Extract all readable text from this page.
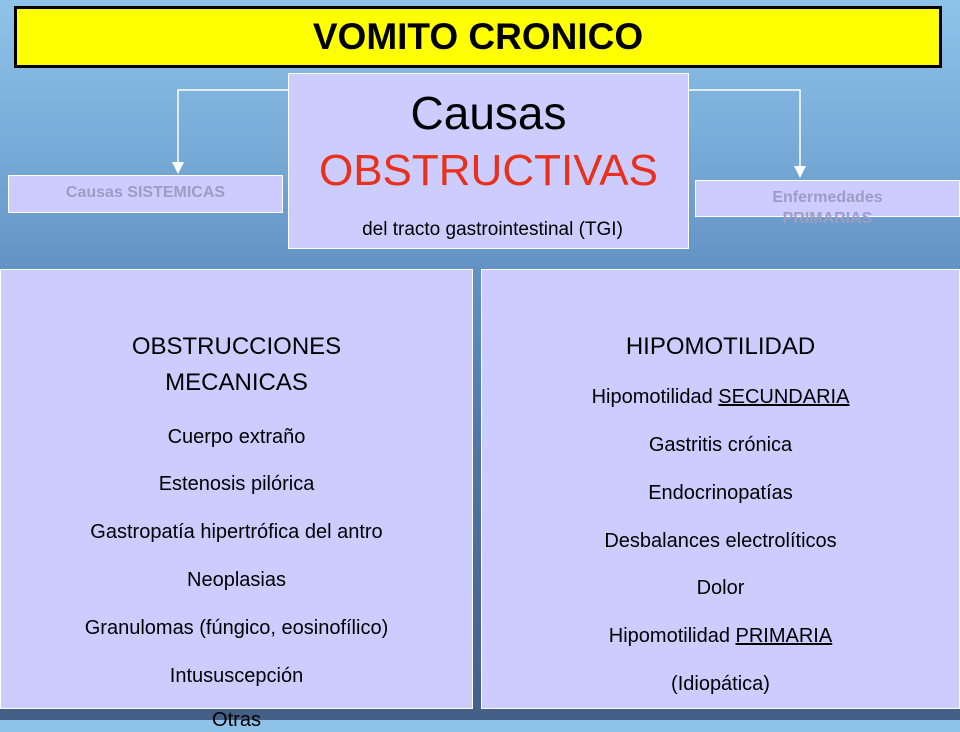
VOMITO CRONICO
Causas
OBSTRUCTIVAS
del tracto gastrointestinal (TGI)
Causas SISTEMICAS	Enfermedades
PRIMARIAS
OBSTRUCCIONES
MECANICAS
Cuerpo extraño
Estenosis pilórica
Gastropatía hipertrófica del antro
Neoplasias
Granulomas (fúngico, eosinofílico)
Intususcepción
Otras
HIPOMOTILIDAD
Hipomotilidad SECUNDARIA
Gastritis crónica
Endocrinopatías
Desbalances electrolíticos
Dolor
Hipomotilidad PRIMARIA
(Idiopática)
